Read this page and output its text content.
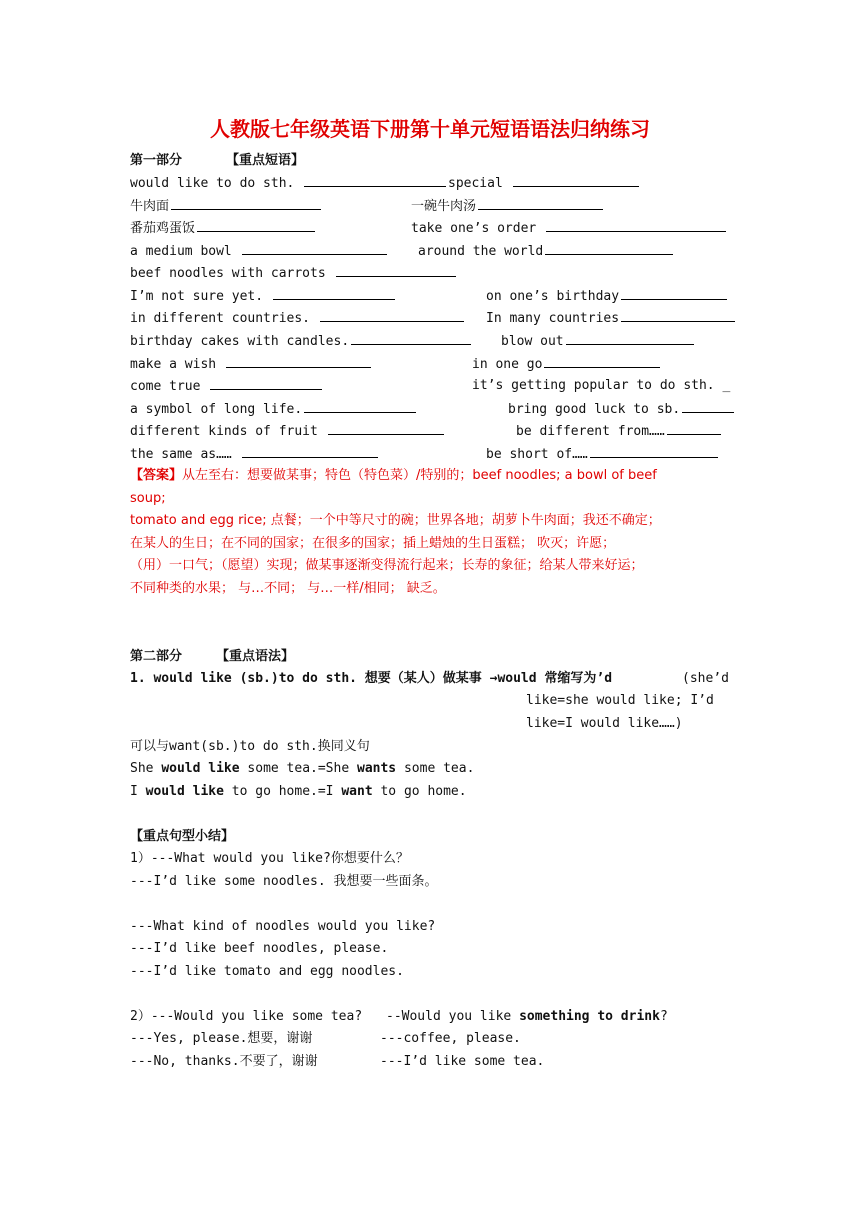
人教版七年级英语下册第十单元短语语法归纳练习
第一部分	【重点短语】
would like to do sth.	special
牛肉面	一碗牛肉汤
番茄鸡蛋饭	take one’s order
a medium bowl	around the world
beef noodles with carrots
I’m not sure yet.	on one’s birthday
in different countries.	In many countries
birthday cakes with candles.	blow out
make a wish	in one go
come true	it’s getting popular to do sth. _
a symbol of long life.	bring good luck to sb.
different kinds of fruit	be different from……
the same as……	be short of……
【答案】从左至右：想要做某事；特色（特色菜）/特别的；beef noodles; a bowl of beef
soup;
tomato and egg rice; 点餐；一个中等尺寸的碗；世界各地；胡萝卜牛肉面；我还不确定；
在某人的生日；在不同的国家；在很多的国家；插上蜡烛的生日蛋糕； 吹灭；许愿；
（用）一口气；（愿望）实现；做某事逐渐变得流行起来；长寿的象征；给某人带来好运；
不同种类的水果； 与…不同； 与…一样/相同； 缺乏。
第二部分	【重点语法】
1. would like (sb.)to do sth. 想要（某人）做某事 →would 常缩写为’d	(she’d
like=she would like; I’d
like=I would like……)
可以与want(sb.)to do sth.换同义句
She would like some tea.=She wants some tea.
I would like to go home.=I want to go home.
【重点句型小结】
1）---What would you like?你想要什么？
---I’d like some noodles. 我想要一些面条。
---What kind of noodles would you like?
---I’d like beef noodles, please.
---I’d like tomato and egg noodles.
2）---Would you like some tea? --Would you like something to drink?
---Yes, please.想要，谢谢	---coffee, please.
---No, thanks.不要了，谢谢	---I’d like some tea.
